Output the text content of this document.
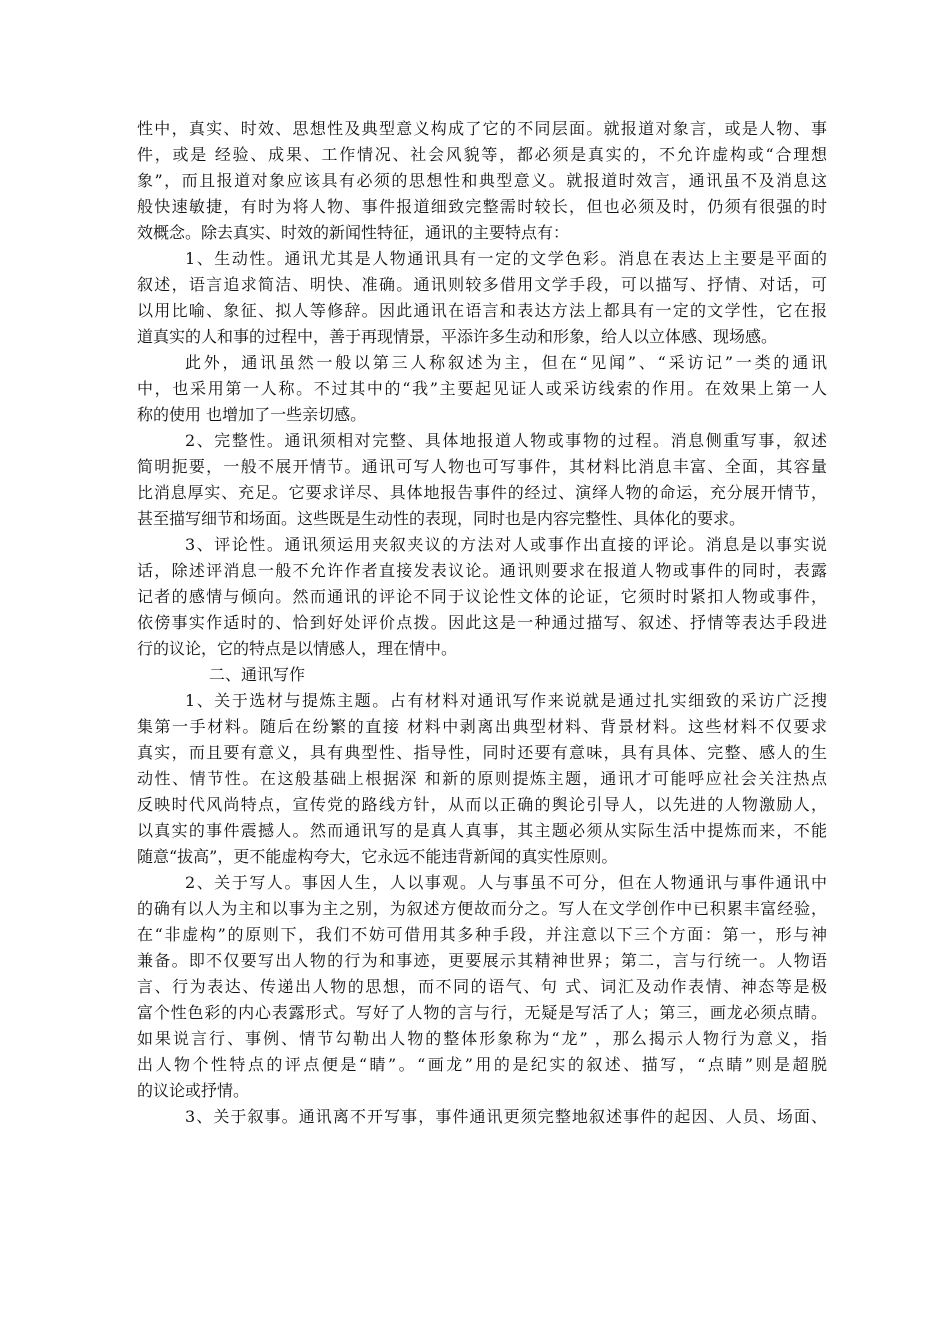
性中，真实、时效、思想性及典型意义构成了它的不同层面。就报道对象言，或是人物、事
件，或是 经验、成果、工作情况、社会风貌等，都必须是真实的，不允许虚构或“合理想
象”，而且报道对象应该具有必须的思想性和典型意义。就报道时效言，通讯虽不及消息这
般快速敏捷，有时为将人物、事件报道细致完整需时较长，但也必须及时，仍须有很强的时
效概念。除去真实、时效的新闻性特征，通讯的主要特点有：
1、生动性。通讯尤其是人物通讯具有一定的文学色彩。消息在表达上主要是平面的
叙述，语言追求简洁、明快、准确。通讯则较多借用文学手段，可以描写、抒情、对话，可
以用比喻、象征、拟人等修辞。因此通讯在语言和表达方法上都具有一定的文学性，它在报
道真实的人和事的过程中，善于再现情景，平添许多生动和形象，给人以立体感、现场感。
此外，通讯虽然一般以第三人称叙述为主，但在“见闻”、“采访记”一类的通讯
中，也采用第一人称。不过其中的“我”主要起见证人或采访线索的作用。在效果上第一人
称的使用 也增加了一些亲切感。
2、完整性。通讯须相对完整、具体地报道人物或事物的过程。消息侧重写事，叙述
简明扼要，一般不展开情节。通讯可写人物也可写事件，其材料比消息丰富、全面，其容量
比消息厚实、充足。它要求详尽、具体地报告事件的经过、演绎人物的命运，充分展开情节，
甚至描写细节和场面。这些既是生动性的表现，同时也是内容完整性、具体化的要求。
3、评论性。通讯须运用夹叙夹议的方法对人或事作出直接的评论。消息是以事实说
话，除述评消息一般不允许作者直接发表议论。通讯则要求在报道人物或事件的同时，表露
记者的感情与倾向。然而通讯的评论不同于议论性文体的论证，它须时时紧扣人物或事件，
依傍事实作适时的、恰到好处评价点拨。因此这是一种通过描写、叙述、抒情等表达手段进
行的议论，它的特点是以情感人，理在情中。
二、通讯写作
1、关于选材与提炼主题。占有材料对通讯写作来说就是通过扎实细致的采访广泛搜
集第一手材料。随后在纷繁的直接 材料中剥离出典型材料、背景材料。这些材料不仅要求
真实，而且要有意义，具有典型性、指导性，同时还要有意味，具有具体、完整、感人的生
动性、情节性。在这般基础上根据深 和新的原则提炼主题，通讯才可能呼应社会关注热点
反映时代风尚特点，宣传党的路线方针，从而以正确的舆论引导人，以先进的人物激励人，
以真实的事件震撼人。然而通讯写的是真人真事，其主题必须从实际生活中提炼而来，不能
随意“拔高”，更不能虚构夸大，它永远不能违背新闻的真实性原则。
2、关于写人。事因人生，人以事观。人与事虽不可分，但在人物通讯与事件通讯中
的确有以人为主和以事为主之别，为叙述方便故而分之。写人在文学创作中已积累丰富经验，
在“非虚构”的原则下，我们不妨可借用其多种手段，并注意以下三个方面：第一，形与神
兼备。即不仅要写出人物的行为和事迹，更要展示其精神世界；第二，言与行统一。人物语
言、行为表达、传递出人物的思想，而不同的语气、句 式、词汇及动作表情、神态等是极
富个性色彩的内心表露形式。写好了人物的言与行，无疑是写活了人；第三，画龙必须点睛。
如果说言行、事例、情节勾勒出人物的整体形象称为“龙” ，那么揭示人物行为意义，指
出人物个性特点的评点便是“睛”。“画龙”用的是纪实的叙述、描写，“点睛”则是超脱
的议论或抒情。
3、关于叙事。通讯离不开写事，事件通讯更须完整地叙述事件的起因、人员、场面、
